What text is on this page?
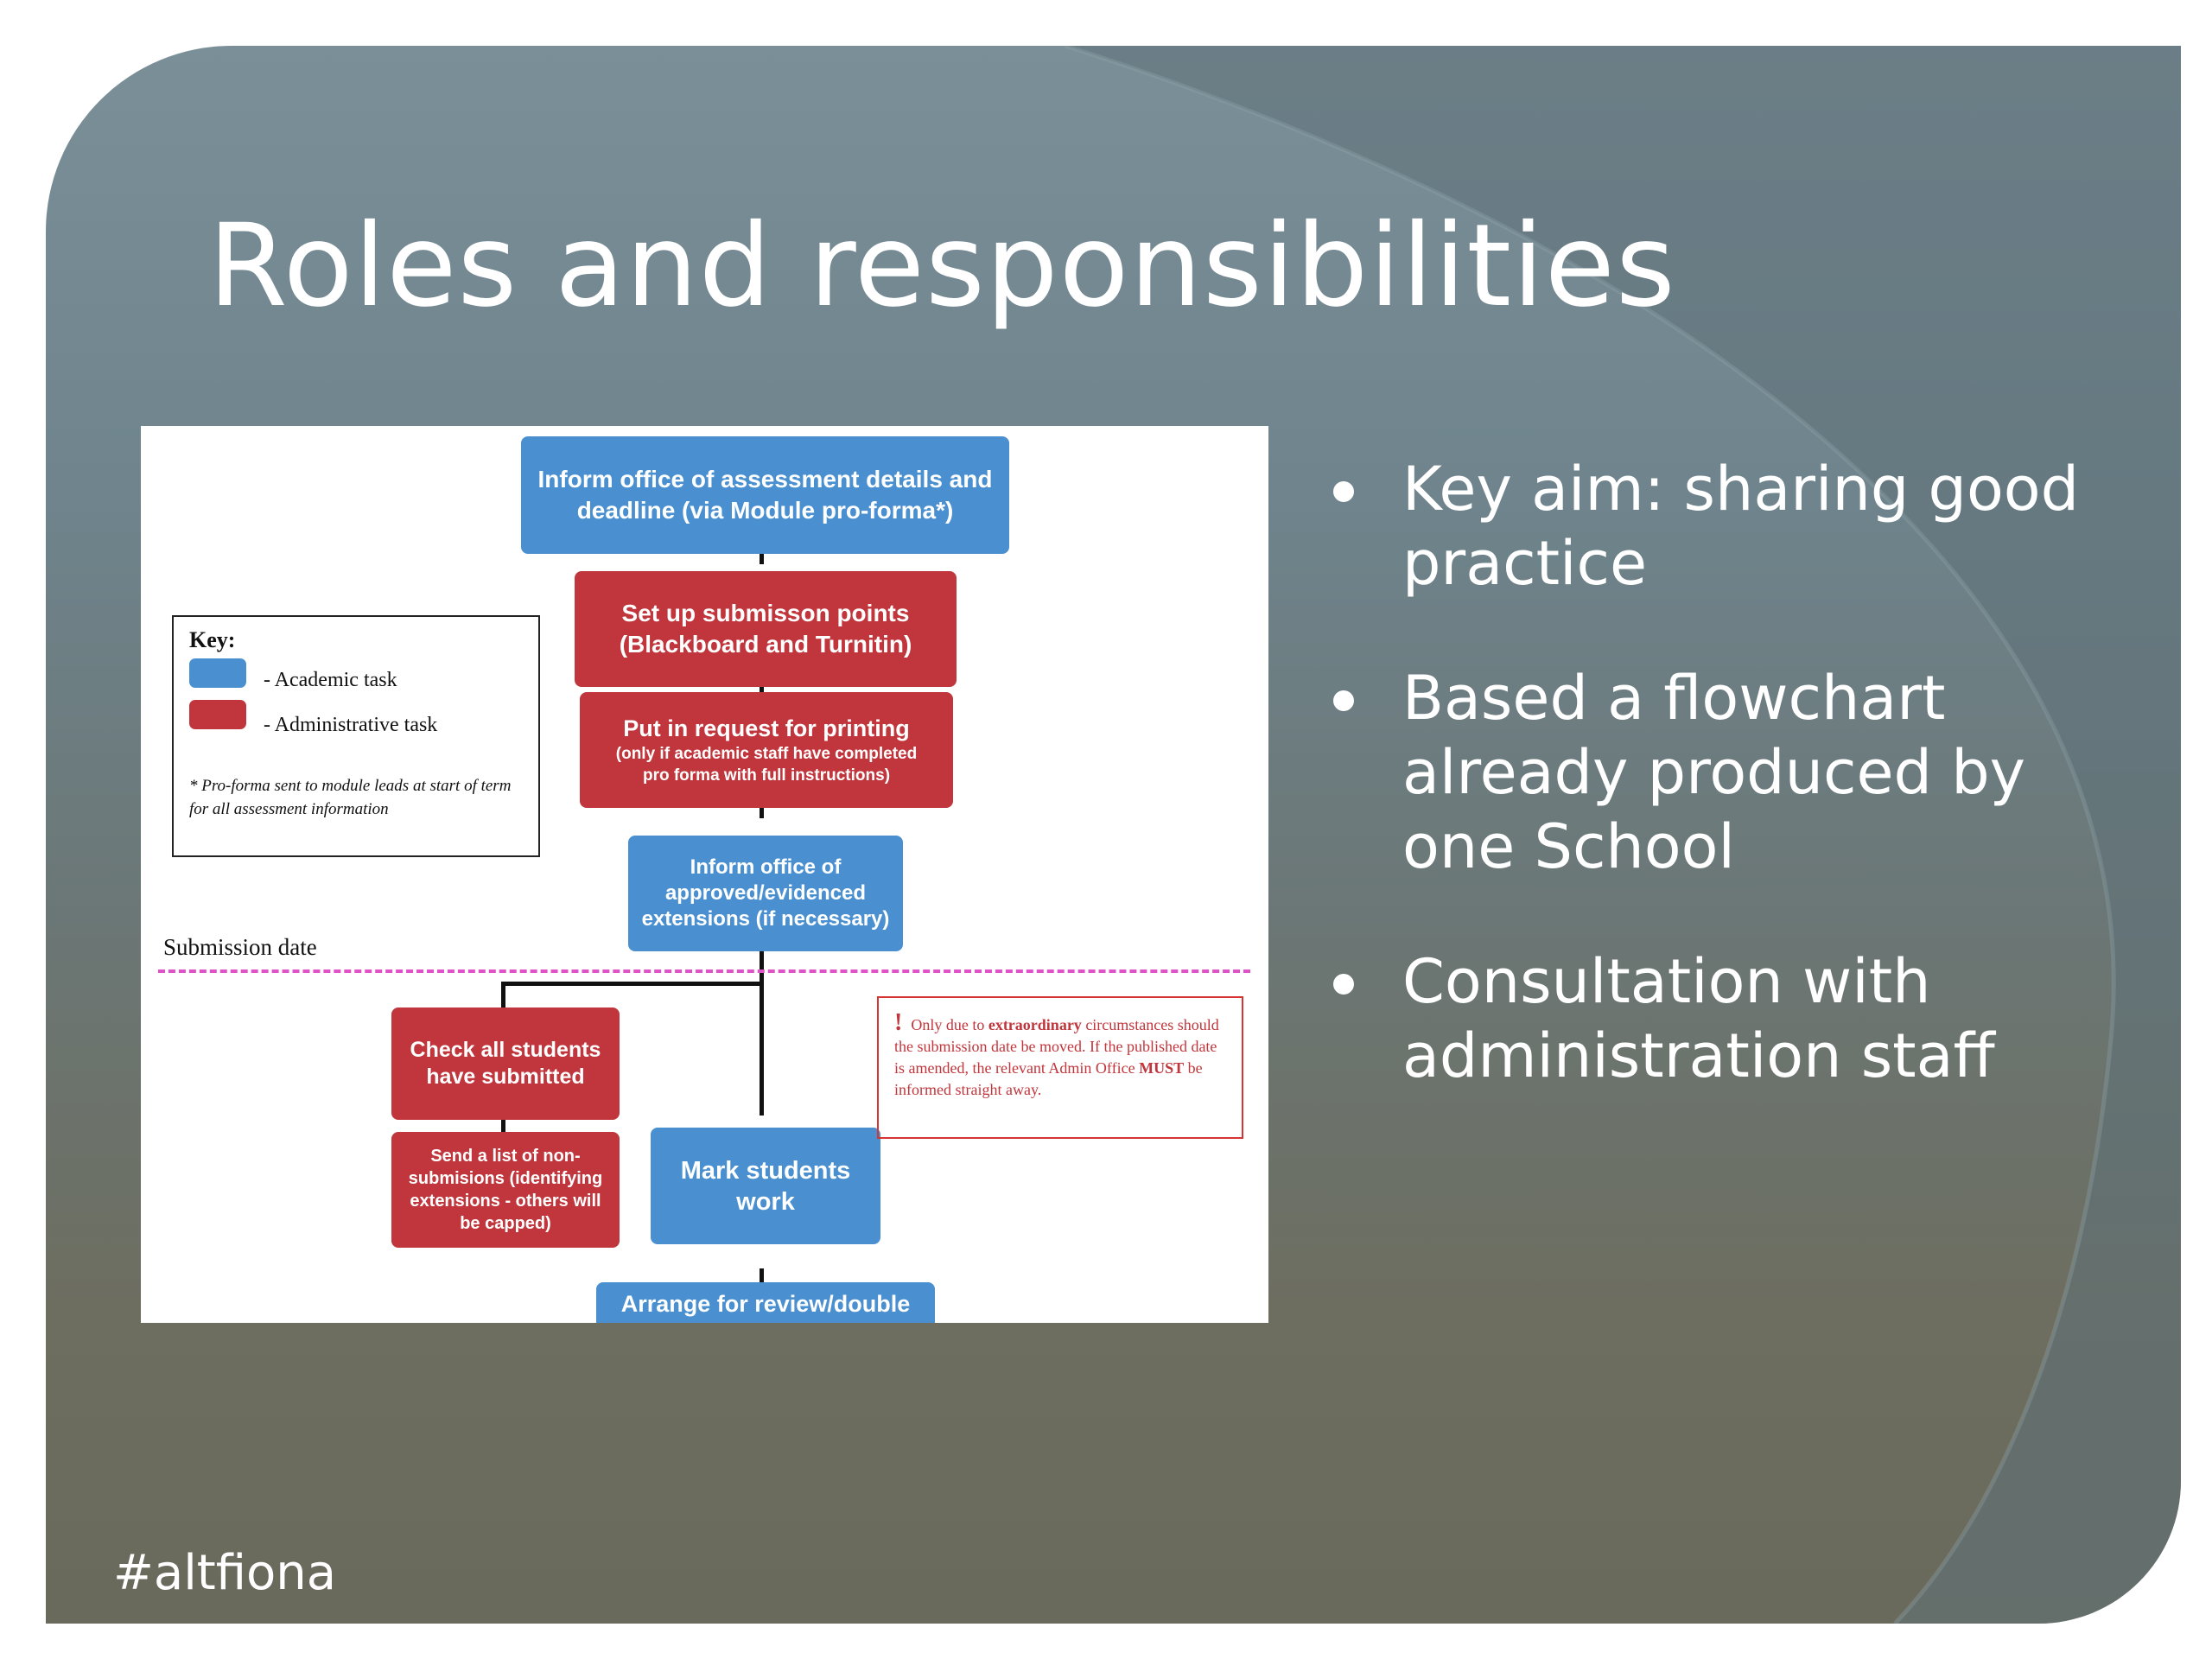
Roles and responsibilities
Key aim: sharing good practice
Based a flowchart already produced by one School
Consultation with administration staff
#altfiona
Inform office of assessment details and
deadline (via Module pro-forma*)
Set up submisson points
(Blackboard and Turnitin)
Put in request for printing
(only if academic staff have completed
pro forma with full instructions)
Inform office of
approved/evidenced
extensions (if necessary)
Key:
- Academic task
- Administrative task
* Pro-forma sent to module leads at start of term for all assessment information
Submission date
Check all students
have submitted
Send a list of non-
submisions (identifying
extensions - others will
be capped)
Mark students
work
Arrange for review/double
! Only due to extraordinary circumstances should the submission date be moved. If the published date is amended, the relevant Admin Office MUST be informed straight away.
